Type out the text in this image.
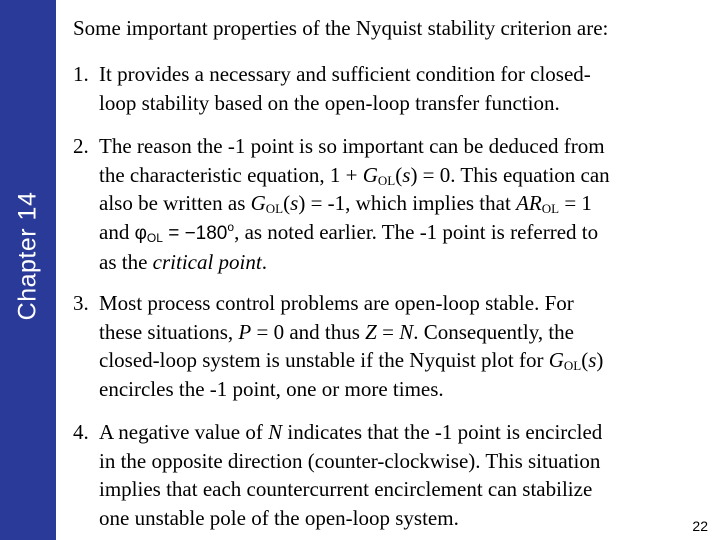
Chapter 14
Some important properties of the Nyquist stability criterion are:
1. It provides a necessary and sufficient condition for closed-
loop stability based on the open-loop transfer function.
2. The reason the -1 point is so important can be deduced from
the characteristic equation, $1 + G_{OL}(s) = 0$. This equation can
also be written as $G_{OL}(s) = -1$, which implies that $AR_{OL} = 1$
and $\varphi_{OL} = -180^o$, as noted earlier. The -1 point is referred to
as the critical point.
3. Most process control problems are open-loop stable. For
these situations, P = 0 and thus Z = N. Consequently, the
closed-loop system is unstable if the Nyquist plot for $G_{OL}(s)$
encircles the -1 point, one or more times.
4. A negative value of N indicates that the -1 point is encircled
in the opposite direction (counter-clockwise). This situation
implies that each countercurrent encirclement can stabilize
one unstable pole of the open-loop system.	22
